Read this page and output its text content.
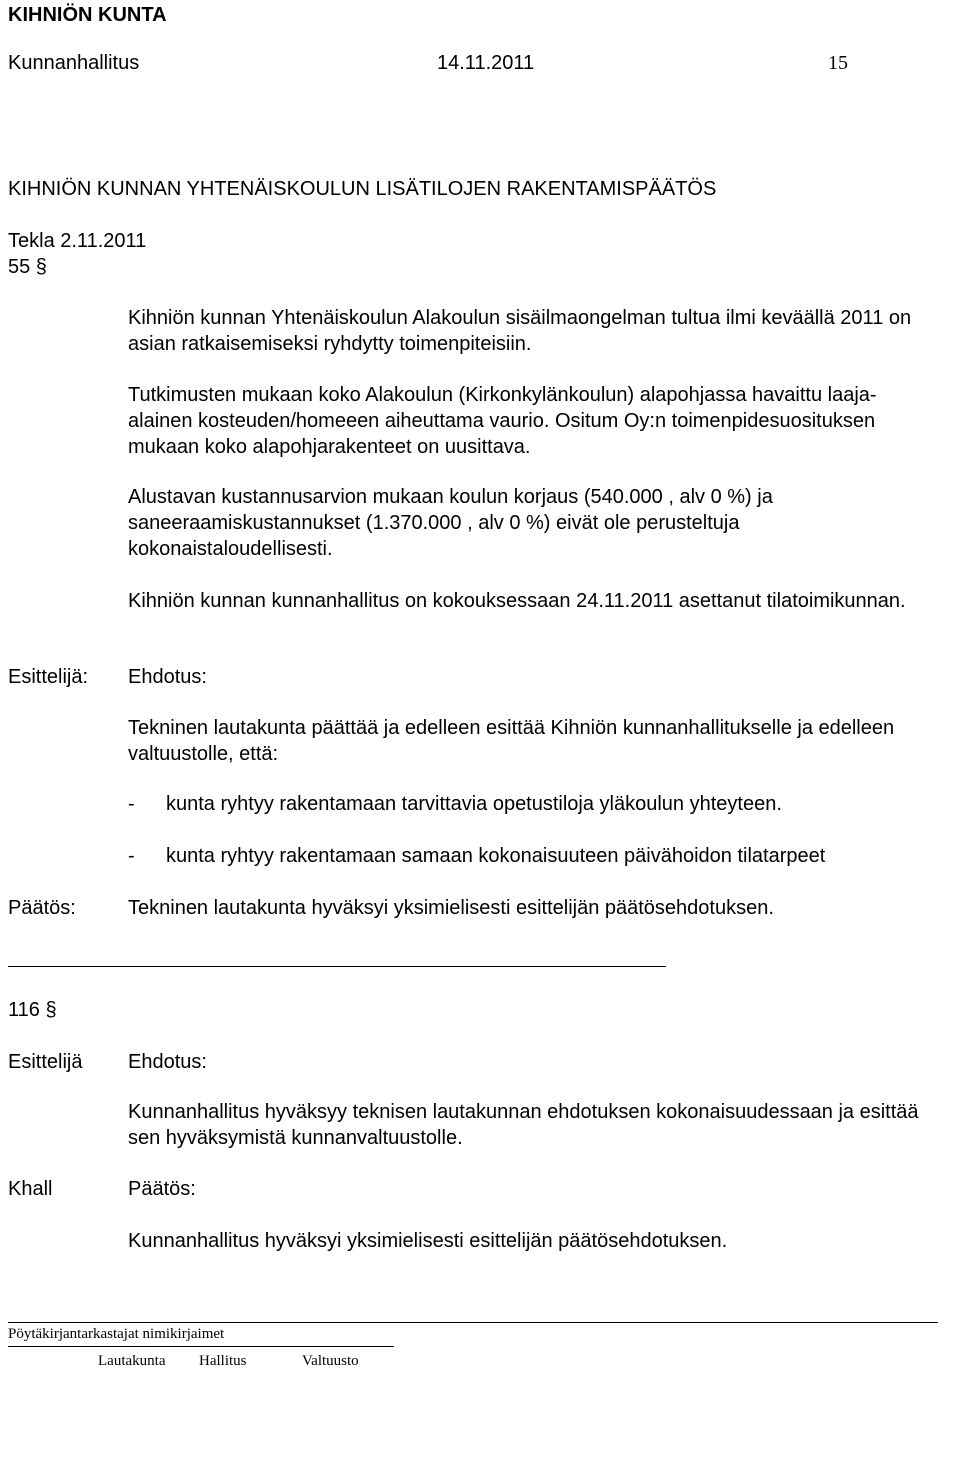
KIHNIÖN KUNTA
Kunnanhallitus	14.11.2011	15
KIHNIÖN KUNNAN YHTENÄISKOULUN LISÄTILOJEN RAKENTAMISPÄÄTÖS
Tekla 2.11.2011
55 §
Kihniön kunnan Yhtenäiskoulun Alakoulun sisäilmaongelman tultua ilmi keväällä 2011 on asian ratkaisemiseksi ryhdytty toimenpiteisiin.
Tutkimusten mukaan koko Alakoulun (Kirkonkylänkoulun) alapohjassa havaittu laaja-alainen kosteuden/homeeen aiheuttama vaurio. Ositum Oy:n toimenpidesuosituksen mukaan koko alapohjarakenteet on uusittava.
Alustavan kustannusarvion mukaan koulun korjaus (540.000 , alv 0 %) ja saneeraamiskustannukset (1.370.000 , alv 0 %) eivät ole perusteltuja kokonaistaloudellisesti.
Kihniön kunnan kunnanhallitus on kokouksessaan 24.11.2011 asettanut tilatoimikunnan.
Esittelijä: Ehdotus:
Tekninen lautakunta päättää ja edelleen esittää Kihniön kunnanhallitukselle ja edelleen valtuustolle, että:
- kunta ryhtyy rakentamaan tarvittavia opetustiloja yläkoulun yhteyteen.
- kunta ryhtyy rakentamaan samaan kokonaisuuteen päivähoidon tilatarpeet
Päätös:	Tekninen lautakunta hyväksyi yksimielisesti esittelijän päätösehdotuksen.
116 §
Esittelijä Ehdotus:
Kunnanhallitus hyväksyy teknisen lautakunnan ehdotuksen kokonaisuudessaan ja esittää sen hyväksymistä kunnanvaltuustolle.
Khall	Päätös:
Kunnanhallitus hyväksyi yksimielisesti esittelijän päätösehdotuksen.
Pöytäkirjantarkastajat nimikirjaimet
Lautakunta Hallitus	Valtuusto
